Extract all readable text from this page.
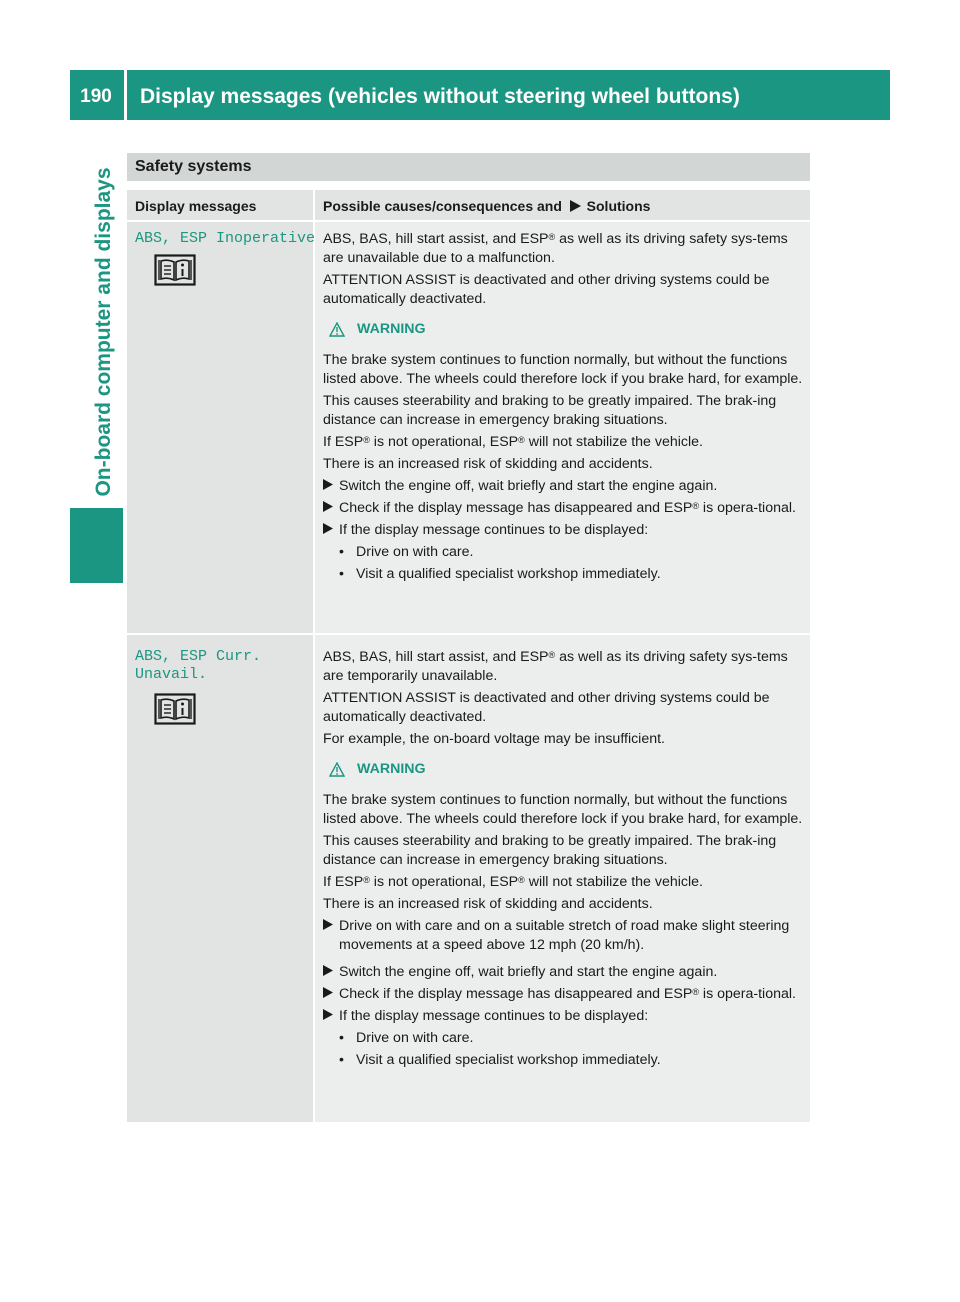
190	Display messages (vehicles without steering wheel buttons)
On-board computer and displays
Safety systems
Display messages	Possible causes/consequences and Solutions
ABS, ESP Inoperative ABS, BAS, hill start assist, and ESP® as well as its driving safety sys-tems are unavailable due to a malfunction.

ATTENTION ASSIST is deactivated and other driving systems could be automatically deactivated.

WARNING

The brake system continues to function normally, but without the functions listed above. The wheels could therefore lock if you brake hard, for example.

This causes steerability and braking to be greatly impaired. The brak-ing distance can increase in emergency braking situations.

If ESP® is not operational, ESP® will not stabilize the vehicle.

There is an increased risk of skidding and accidents.

Switch the engine off, wait briefly and start the engine again.

Check if the display message has disappeared and ESP® is opera-tional.

If the display message continues to be displayed:

• Drive on with care.

• Visit a qualified specialist workshop immediately.

ABS, ESP Curr.
Unavail.

ABS, BAS, hill start assist, and ESP® as well as its driving safety sys-tems are temporarily unavailable.

ATTENTION ASSIST is deactivated and other driving systems could be automatically deactivated.

For example, the on-board voltage may be insufficient.

WARNING

The brake system continues to function normally, but without the functions listed above. The wheels could therefore lock if you brake hard, for example.

This causes steerability and braking to be greatly impaired. The brak-ing distance can increase in emergency braking situations.

If ESP® is not operational, ESP® will not stabilize the vehicle.

There is an increased risk of skidding and accidents.

Drive on with care and on a suitable stretch of road make slight steering movements at a speed above 12 mph (20 km/h).

Switch the engine off, wait briefly and start the engine again.

Check if the display message has disappeared and ESP® is opera-tional.

If the display message continues to be displayed:

• Drive on with care.

• Visit a qualified specialist workshop immediately.
